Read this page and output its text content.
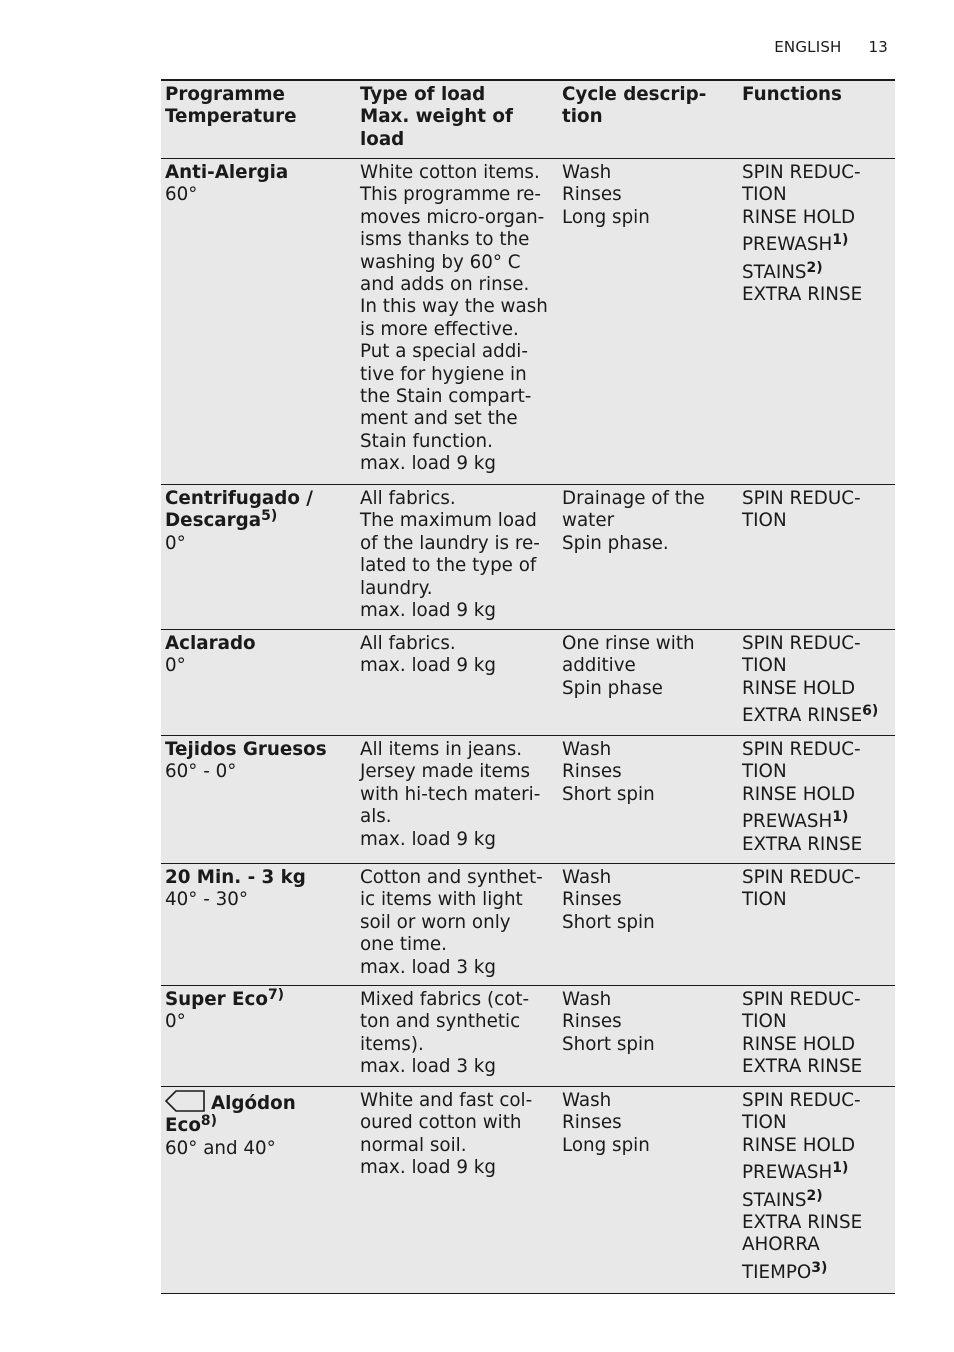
ENGLISH 13
Programme
Temperature
Type of load
Max. weight of
load
Cycle descrip-
tion
Functions
Anti-Alergia
60°
White cotton items.
This programme re-
moves micro-organ-
isms thanks to the
washing by 60° C
and adds on rinse.
In this way the wash
is more effective.
Put a special addi-
tive for hygiene in
the Stain compart-
ment and set the
Stain function.
max. load 9 kg
Wash
Rinses
Long spin
SPIN REDUC-
TION
RINSE HOLD
PREWASH$^{1)}$
STAINS$^{2)}$
EXTRA RINSE
Centrifugado /
Descarga$^{5)}$
0°
All fabrics.
The maximum load
of the laundry is re-
lated to the type of
laundry.
max. load 9 kg
Drainage of the
water
Spin phase.
SPIN REDUC-
TION
Aclarado
0°
All fabrics.
max. load 9 kg
One rinse with
additive
Spin phase
SPIN REDUC-
TION
RINSE HOLD
EXTRA RINSE$^{6)}$
Tejidos Gruesos
60° - 0°
All items in jeans.
Jersey made items
with hi-tech materi-
als.
max. load 9 kg
Wash
Rinses
Short spin
SPIN REDUC-
TION
RINSE HOLD
PREWASH$^{1)}$
EXTRA RINSE
20 Min. - 3 kg
40° - 30°
Cotton and synthet-
ic items with light
soil or worn only
one time.
max. load 3 kg
Wash
Rinses
Short spin
SPIN REDUC-
TION
Super Eco$^{7)}$
0°
Mixed fabrics (cot-
ton and synthetic
items).
max. load 3 kg
Wash
Rinses
Short spin
SPIN REDUC-
TION
RINSE HOLD
EXTRA RINSE
Algódon
Eco$^{8)}$
60° and 40°
White and fast col-
oured cotton with
normal soil.
max. load 9 kg
Wash
Rinses
Long spin
SPIN REDUC-
TION
RINSE HOLD
PREWASH$^{1)}$
STAINS$^{2)}$
EXTRA RINSE
AHORRA
TIEMPO$^{3)}$
